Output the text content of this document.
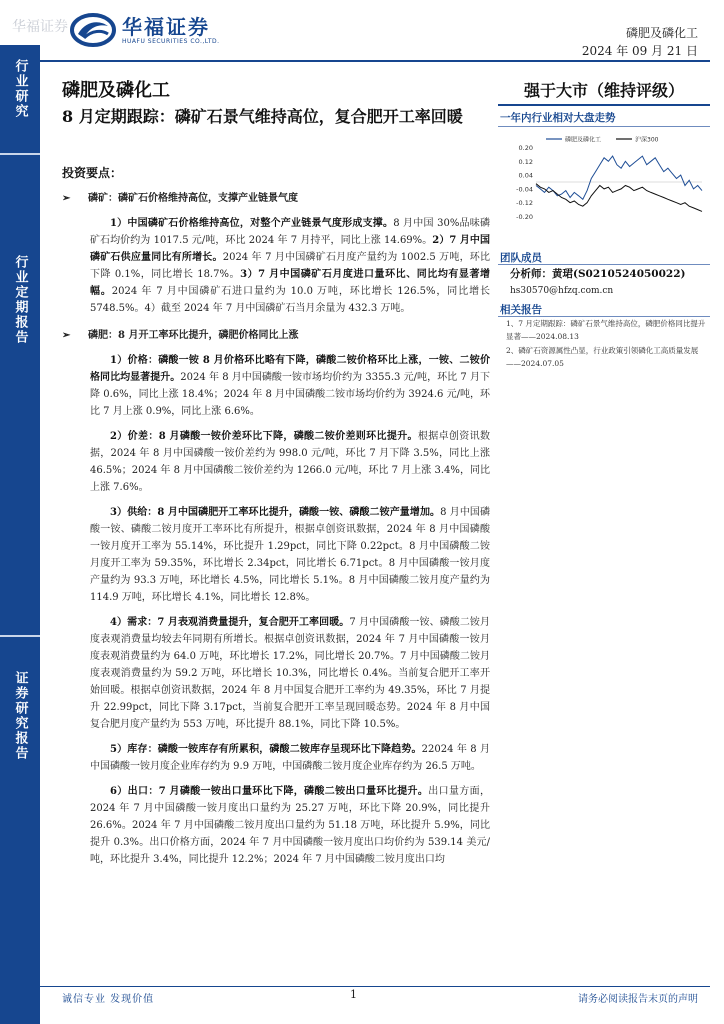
行业研究
行业定期报告
证券研究报告
华福证券	华福证券
HUAFU SECURITIES CO.,LTD.
磷肥及磷化工
2024 年 09 月 21 日
磷肥及磷化工
8 月定期跟踪：磷矿石景气维持高位，复合肥开工率回暖
强于大市（维持评级）
一年内行业相对大盘走势
0.20
0.12
0.04
-0.04
-0.12
-0.20
磷肥及磷化工	沪深300
团队成员
分析师：黄珺(S0210524050022)
hs30570@hfzq.com.cn
相关报告
1、7 月定期跟踪：磷矿石景气维持高位，磷肥价格同比提升显著——2024.08.13
2、磷矿石资源属性凸显，行业政策引领磷化工高质量发展——2024.07.05
投资要点：
➢	磷矿：磷矿石价格维持高位，支撑产业链景气度

1）中国磷矿石价格维持高位，对整个产业链景气度形成支撑。8 月中国 30%品味磷矿石均价约为 1017.5 元/吨，环比 2024 年 7 月持平，同比上涨 14.69%。2）7 月中国磷矿石供应量同比有所增长。2024 年 7 月中国磷矿石月度产量约为 1002.5 万吨，环比下降 0.1%，同比增长 18.7%。3）7 月中国磷矿石月度进口量环比、同比均有显著增幅。2024 年 7 月中国磷矿石进口量约为 10.0 万吨，环比增长 126.5%，同比增长 5748.5%。4）截至 2024 年 7 月中国磷矿石当月余量为 432.3 万吨。

➢	磷肥：8 月开工率环比提升，磷肥价格同比上涨

1）价格：磷酸一铵 8 月价格环比略有下降，磷酸二铵价格环比上涨，一铵、二铵价格同比均显著提升。2024 年 8 月中国磷酸一铵市场均价约为 3355.3 元/吨，环比 7 月下降 0.6%，同比上涨 18.4%；2024 年 8 月中国磷酸二铵市场均价约为 3924.6 元/吨，环比 7 月上涨 0.9%，同比上涨 6.6%。

2）价差：8 月磷酸一铵价差环比下降，磷酸二铵价差则环比提升。根据卓创资讯数据，2024 年 8 月中国磷酸一铵价差约为 998.0 元/吨，环比 7 月下降 3.5%，同比上涨 46.5%；2024 年 8 月中国磷酸二铵价差约为 1266.0 元/吨，环比 7 月上涨 3.4%，同比上涨 7.6%。

3）供给：8 月中国磷肥开工率环比提升，磷酸一铵、磷酸二铵产量增加。8 月中国磷酸一铵、磷酸二铵月度开工率环比有所提升，根据卓创资讯数据，2024 年 8 月中国磷酸一铵月度开工率为 55.14%，环比提升 1.29pct，同比下降 0.22pct。8 月中国磷酸二铵月度开工率为 59.35%，环比增长 2.34pct，同比增长 6.71pct。8 月中国磷酸一铵月度产量约为 93.3 万吨，环比增长 4.5%，同比增长 5.1%。8 月中国磷酸二铵月度产量约为 114.9 万吨，环比增长 4.1%，同比增长 12.8%。

4）需求：7 月表观消费量提升，复合肥开工率回暖。7 月中国磷酸一铵、磷酸二铵月度表观消费量均较去年同期有所增长。根据卓创资讯数据，2024 年 7 月中国磷酸一铵月度表观消费量约为 64.0 万吨，环比增长 17.2%，同比增长 20.7%。7 月中国磷酸二铵月度表观消费量约为 59.2 万吨，环比增长 10.3%，同比增长 0.4%。当前复合肥开工率开始回暖。根据卓创资讯数据，2024 年 8 月中国复合肥开工率约为 49.35%，环比 7 月提升 22.99pct，同比下降 3.17pct，当前复合肥开工率呈现回暖态势。2024 年 8 月中国复合肥月度产量约为 553 万吨，环比提升 88.1%，同比下降 10.5%。

5）库存：磷酸一铵库存有所累积，磷酸二铵库存呈现环比下降趋势。22024 年 8 月中国磷酸一铵月度企业库存约为 9.9 万吨，中国磷酸二铵月度企业库存约为 26.5 万吨。

6）出口：7 月磷酸一铵出口量环比下降，磷酸二铵出口量环比提升。出口量方面，2024 年 7 月中国磷酸一铵月度出口量约为 25.27 万吨，环比下降 20.9%，同比提升 26.6%。2024 年 7 月中国磷酸二铵月度出口量约为 51.18 万吨，环比提升 5.9%，同比提升 0.3%。出口价格方面，2024 年 7 月中国磷酸一铵月度出口均价约为 539.14 美元/吨，环比提升 3.4%，同比提升 12.2%；2024 年 7 月中国磷酸二铵月度出口均

诚信专业 发现价值	1	请务必阅读报告末页的声明
